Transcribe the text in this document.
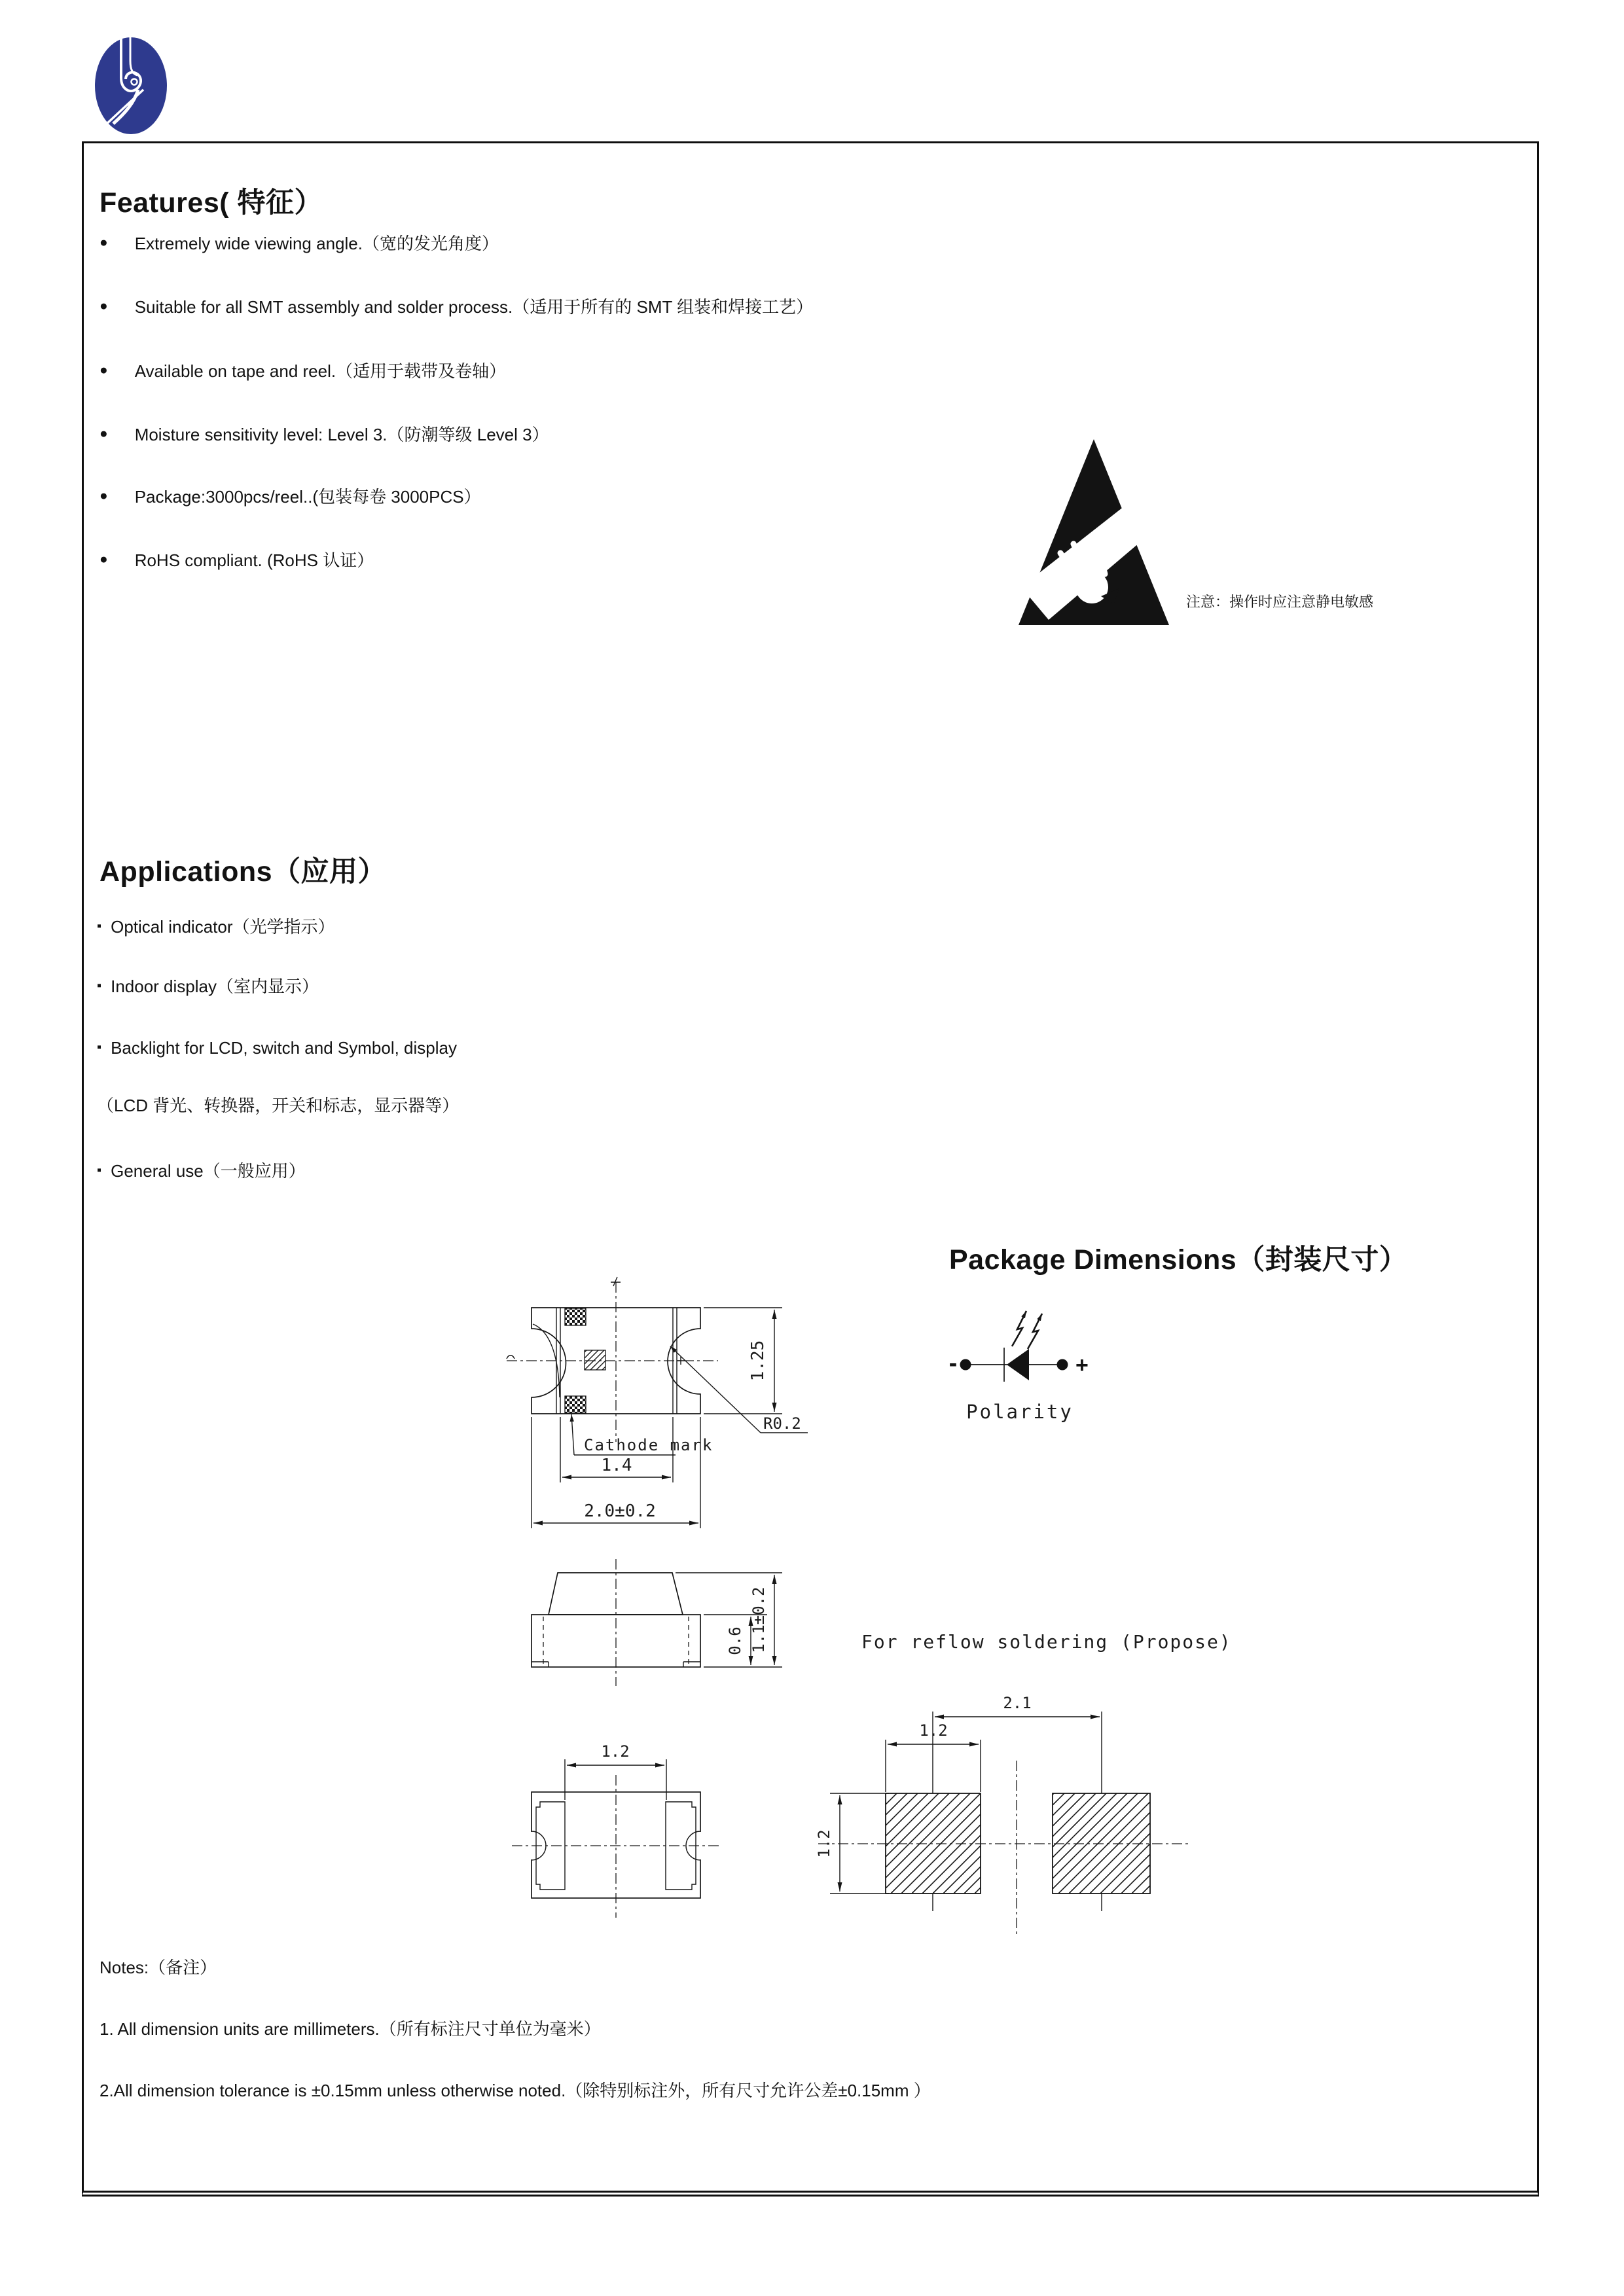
Features( 特征）
● Extremely wide viewing angle.（宽的发光角度）
● Suitable for all SMT assembly and solder process.（适用于所有的 SMT 组装和焊接工艺）
● Available on tape and reel.（适用于载带及卷轴）
● Moisture sensitivity level: Level 3.（防潮等级 Level 3）
● Package:3000pcs/reel..(包装每卷 3000PCS）
● RoHS compliant. (RoHS 认证）
注意：操作时应注意静电敏感
Applications（应用）
▪ Optical indicator（光学指示）
▪ Indoor display（室内显示）
▪ Backlight for LCD, switch and Symbol, display
（LCD 背光、转换器，开关和标志，显示器等）
▪ General use（一般应用）
Package Dimensions（封装尺寸）
1.25
R0.2
Cathode mark
1.4
2.0±0.2
-	+
Polarity
0.6 1.1±0.2	For reflow soldering (Propose)
1.2
2.1
1.2
1.2
Notes:（备注）
1. All dimension units are millimeters.（所有标注尺寸单位为毫米）
2.All dimension tolerance is ±0.15mm unless otherwise noted.（除特别标注外，所有尺寸允许公差±0.15mm ）
